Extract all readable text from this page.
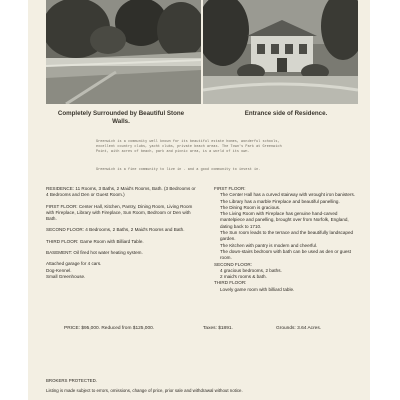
Completely Surrounded by Beautiful Stone Walls.
Entrance side of Residence.
Greenwich is a community well known for its beautiful estate homes, wonderful schools, excellent country clubs, yacht clubs, private beach areas. The Town's Park at Greenwich Point, with acres of beach, park and picnic area, is a world of its own.
Greenwich is a fine community to live in - and a good community to invest in.

RESIDENCE: 11 Rooms, 3 Baths, 2 Maid's Rooms, Bath. (3 Bedrooms or 4 Bedrooms and Den or Guest Room.)

FIRST FLOOR: Center Hall, Kitchen, Pantry, Dining Room, Living Room with Fireplace, Library with Fireplace, Sun Room, Bedroom or Den with Bath.

SECOND FLOOR: 4 Bedrooms, 2 Baths, 2 Maid's Rooms and Bath.

THIRD FLOOR: Game Room with Billiard Table.

BASEMENT: Oil fired hot water heating system.

Attached garage for 4 cars.

Dog-Kennel.

Small Greenhouse.

FIRST FLOOR:

The Center Hall has a curved stairway with wrought iron banisters.

The Library has a marble Fireplace and beautiful panelling.

The Dining Room is gracious.

The Living Room with Fireplace has genuine hand-carved mantelpiece and panelling, brought over from Norfolk, England, dating back to 1710.

The Sun room leads to the terrace and the beautifully landscaped garden.

The Kitchen with pantry is modern and cheerful.

The down-stairs bedroom with bath can be used as den or guest room.

SECOND FLOOR:

4 gracious bedrooms, 2 baths.

2 maid's rooms & bath.

THIRD FLOOR:

Lovely game room with billiard table.

PRICE: $95,000. Reduced from $125,000.	Taxes: $1891.	Grounds: 3.64 Acres.
BROKERS PROTECTED.
Listing is made subject to errors, omissions, change of price, prior sale and withdrawal without notice.
